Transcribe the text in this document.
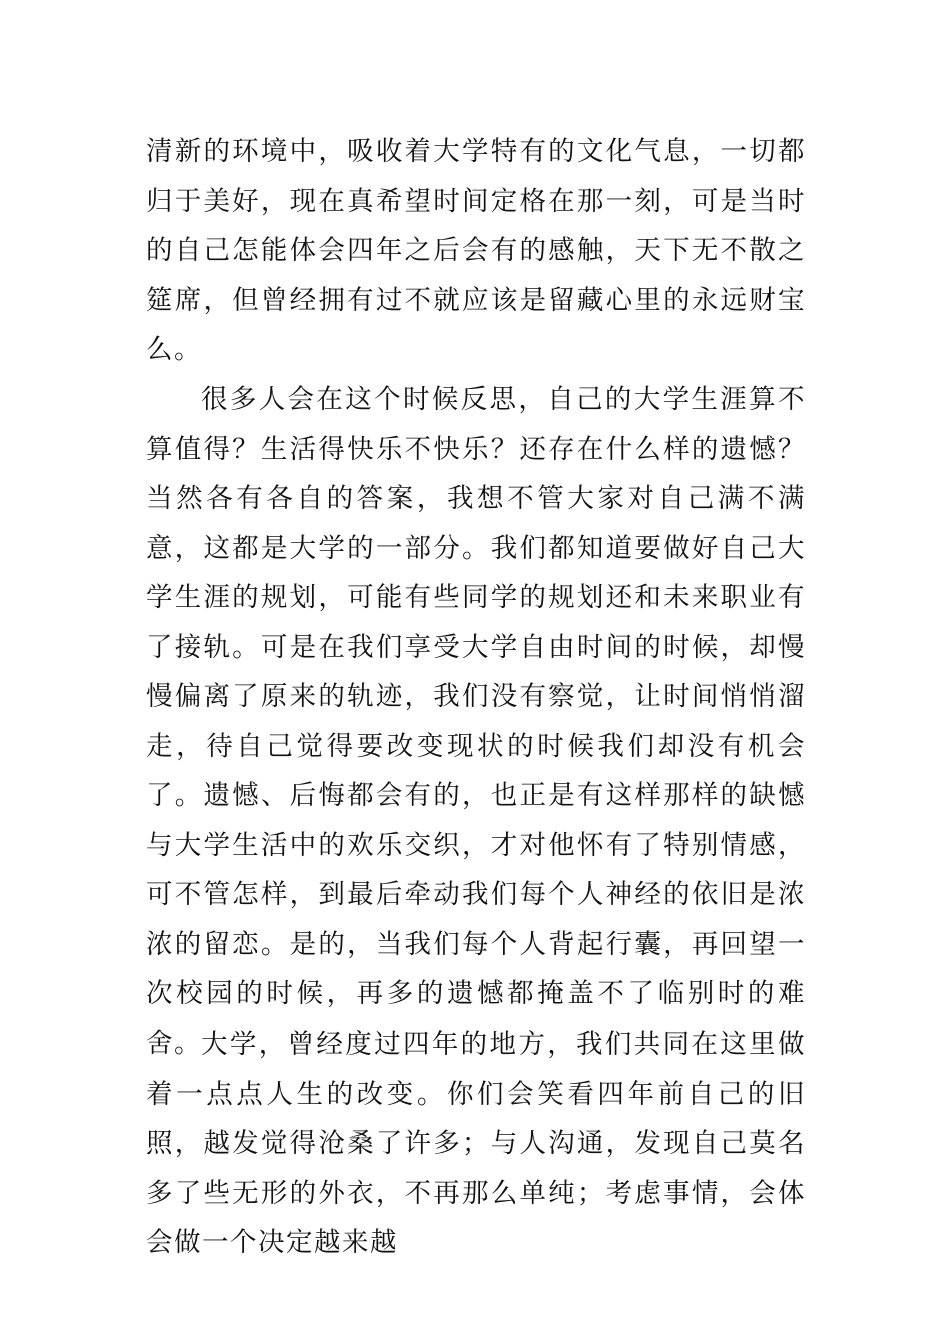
清新的环境中，吸收着大学特有的文化气息，一切都归于美好，现在真希望时间定格在那一刻，可是当时的自己怎能体会四年之后会有的感触，天下无不散之筵席，但曾经拥有过不就应该是留藏心里的永远财宝么。

很多人会在这个时候反思，自己的大学生涯算不算值得？生活得快乐不快乐？还存在什么样的遗憾？当然各有各自的答案，我想不管大家对自己满不满意，这都是大学的一部分。我们都知道要做好自己大学生涯的规划，可能有些同学的规划还和未来职业有了接轨。可是在我们享受大学自由时间的时候，却慢慢偏离了原来的轨迹，我们没有察觉，让时间悄悄溜走，待自己觉得要改变现状的时候我们却没有机会了。遗憾、后悔都会有的，也正是有这样那样的缺憾与大学生活中的欢乐交织，才对他怀有了特别情感，可不管怎样，到最后牵动我们每个人神经的依旧是浓浓的留恋。是的，当我们每个人背起行囊，再回望一次校园的时候，再多的遗憾都掩盖不了临别时的难舍。 大学，曾经度过四年的地方，我们共同在这里做着一点点人生的改变。你们会笑看四年前自己的旧照，越发觉得沧桑了许多；与人沟通，发现自己莫名多了些无形的外衣，不再那么单纯；考虑事情，会体会做一个决定越来越
